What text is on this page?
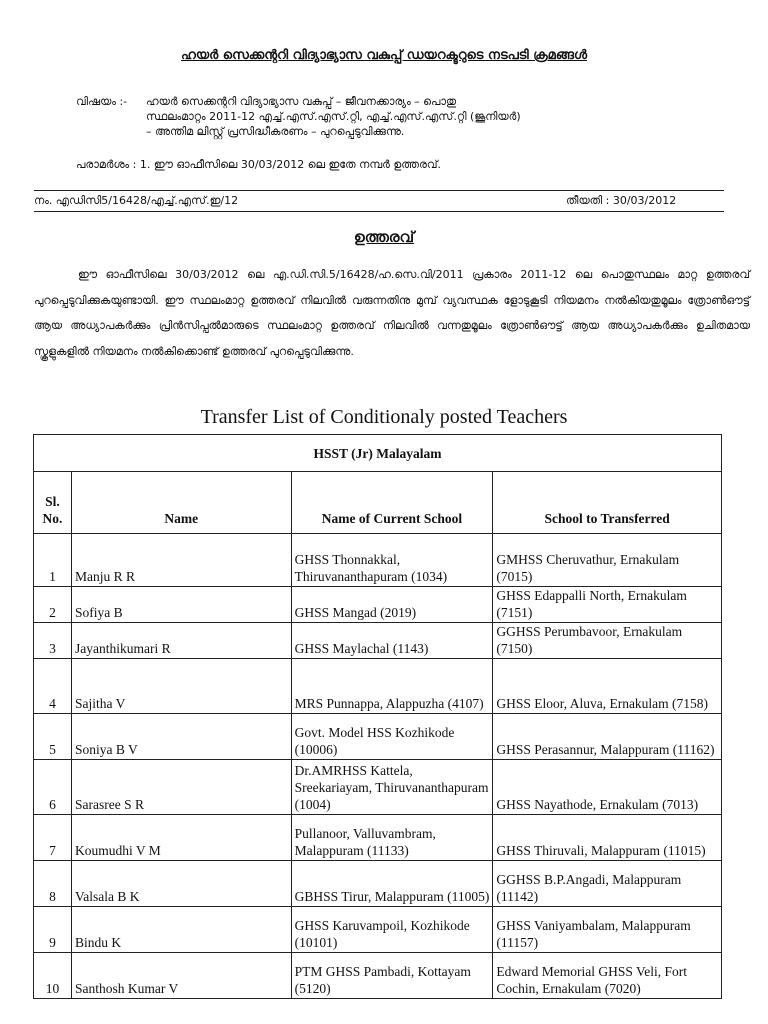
ഹയർ സെക്കന്ററി വിദ്യാഭ്യാസ വകുപ്പ് ഡയറക്ടറുടെ നടപടി ക്രമങ്ങൾ
വിഷയം :-	ഹയർ സെക്കന്ററി വിദ്യാഭ്യാസ വകുപ്പ് – ജീവനക്കാര്യം – പൊതു
സ്ഥലംമാറ്റം 2011-12 എച്ച്.എസ്.എസ്.റ്റി, എച്ച്.എസ്.എസ്.റ്റി (ജൂനിയർ)
– അന്തിമ ലിസ്റ്റ് പ്രസിദ്ധീകരണം – പുറപ്പെടുവിക്കുന്നു.
പരാമർശം : 1. ഈ ഓഫീസിലെ 30/03/2012 ലെ ഇതേ നമ്പർ ഉത്തരവ്.
നം. എഡിസി5/16428/എച്ച്.എസ്.ഇ/12	തീയതി : 30/03/2012
ഉത്തരവ്
ഈ ഓഫീസിലെ 30/03/2012 ലെ എ.ഡി.സി.5/16428/ഹ.സെ.വി/2011 പ്രകാരം 2011-12 ലെ പൊതുസ്ഥലം മാറ്റ ഉത്തരവ് പുറപ്പെടുവിക്കുകയുണ്ടായി. ഈ സ്ഥലംമാറ്റ ഉത്തരവ് നിലവിൽ വരുന്നതിനു മുമ്പ് വ്യവസ്ഥക ളോടുകൂടി നിയമനം നൽകിയതുമൂലം ത്രോൺഔട്ട് ആയ അധ്യാപകർക്കും പ്രിൻസിപ്പൽമാരുടെ സ്ഥലംമാറ്റ ഉത്തരവ് നിലവിൽ വന്നതുമൂലം ത്രോൺഔട്ട് ആയ അധ്യാപകർക്കും ഉചിതമായ സ്കൂളുകളിൽ നിയമനം നൽകിക്കൊണ്ട് ഉത്തരവ് പുറപ്പെടുവിക്കുന്നു.
Transfer List of Conditionaly posted Teachers
HSST (Jr) Malayalam			
Sl. No.	Name	Name of Current School	School to Transferred
1	Manju R R	GHSS Thonnakkal, Thiruvananthapuram (1034)	GMHSS Cheruvathur, Ernakulam (7015)
2	Sofiya B	GHSS Mangad (2019)	GHSS Edappalli North, Ernakulam (7151)
3	Jayanthikumari R	GHSS Maylachal (1143)	GGHSS Perumbavoor, Ernakulam (7150)
4	Sajitha V	MRS Punnappa, Alappuzha (4107)	GHSS Eloor, Aluva, Ernakulam (7158)
5	Soniya B V	Govt. Model HSS Kozhikode (10006)	GHSS Perasannur, Malappuram (11162)
6	Sarasree S R	Dr.AMRHSS Kattela, Sreekariayam, Thiruvananthapuram (1004)	GHSS Nayathode, Ernakulam (7013)
7	Koumudhi V M	Pullanoor, Valluvambram, Malappuram (11133)	GHSS Thiruvali, Malappuram (11015)
8	Valsala B K	GBHSS Tirur, Malappuram (11005)	GGHSS B.P.Angadi, Malappuram (11142)
9	Bindu K	GHSS Karuvampoil, Kozhikode (10101)	GHSS Vaniyambalam, Malappuram (11157)
10	Santhosh Kumar V	PTM GHSS Pambadi, Kottayam (5120)	Edward Memorial GHSS Veli, Fort Cochin, Ernakulam (7020)
